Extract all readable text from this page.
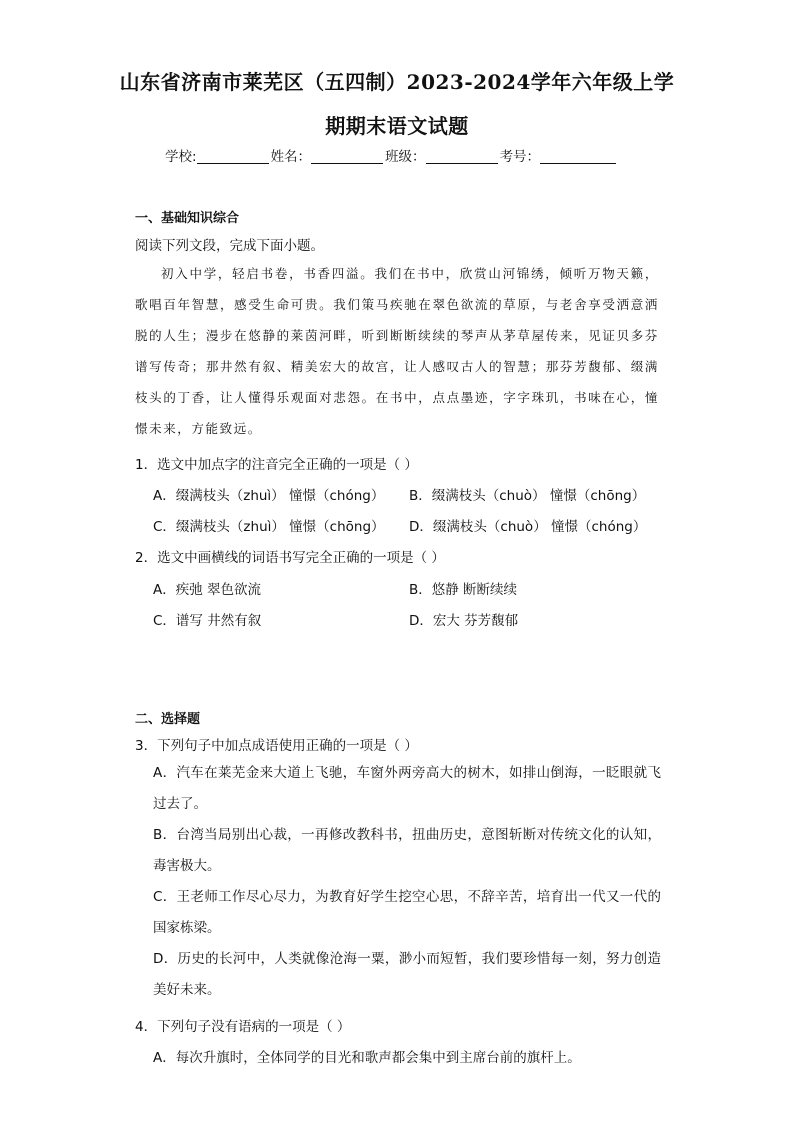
山东省济南市莱芜区（五四制）2023-2024学年六年级上学
期期末语文试题
学校:	姓名：	班级：	考号：
一、基础知识综合
阅读下列文段，完成下面小题。
初入中学，轻启书卷，书香四溢。我们在书中，欣赏山河锦绣，倾听万物天籁，歌唱百年智慧，感受生命可贵。我们策马疾驰在翠色欲流的草原，与老舍享受洒意洒脱的人生；漫步在悠静的莱茵河畔，听到断断续续的琴声从茅草屋传来，见证贝多芬谱写传奇；那井然有叙、精美宏大的故宫，让人感叹古人的智慧；那芬芳馥郁、缀满枝头的丁香，让人懂得乐观面对悲怨。在书中，点点墨迹，字字珠玑，书味在心，憧憬未来，方能致远。
1．选文中加点字的注音完全正确的一项是（ ）
A．缀满枝头（zhuì） 憧憬（chóng） B．缀满枝头（chuò） 憧憬（chōng）
C．缀满枝头（zhuì） 憧憬（chōng） D．缀满枝头（chuò） 憧憬（chóng）
2．选文中画横线的词语书写完全正确的一项是（ ）
A．疾弛 翠色欲流	B．悠静 断断续续
C．谱写 井然有叙	D．宏大 芬芳馥郁
二、选择题
3．下列句子中加点成语使用正确的一项是（ ）
A．汽车在莱芜金来大道上飞驰，车窗外两旁高大的树木，如排山倒海，一眨眼就飞过去了。
B．台湾当局别出心裁，一再修改教科书，扭曲历史，意图斩断对传统文化的认知，毒害极大。
C．王老师工作尽心尽力，为教育好学生挖空心思，不辞辛苦，培育出一代又一代的国家栋梁。
D．历史的长河中，人类就像沧海一粟，渺小而短暂，我们要珍惜每一刻，努力创造美好未来。
4．下列句子没有语病的一项是（ ）
A．每次升旗时，全体同学的目光和歌声都会集中到主席台前的旗杆上。
